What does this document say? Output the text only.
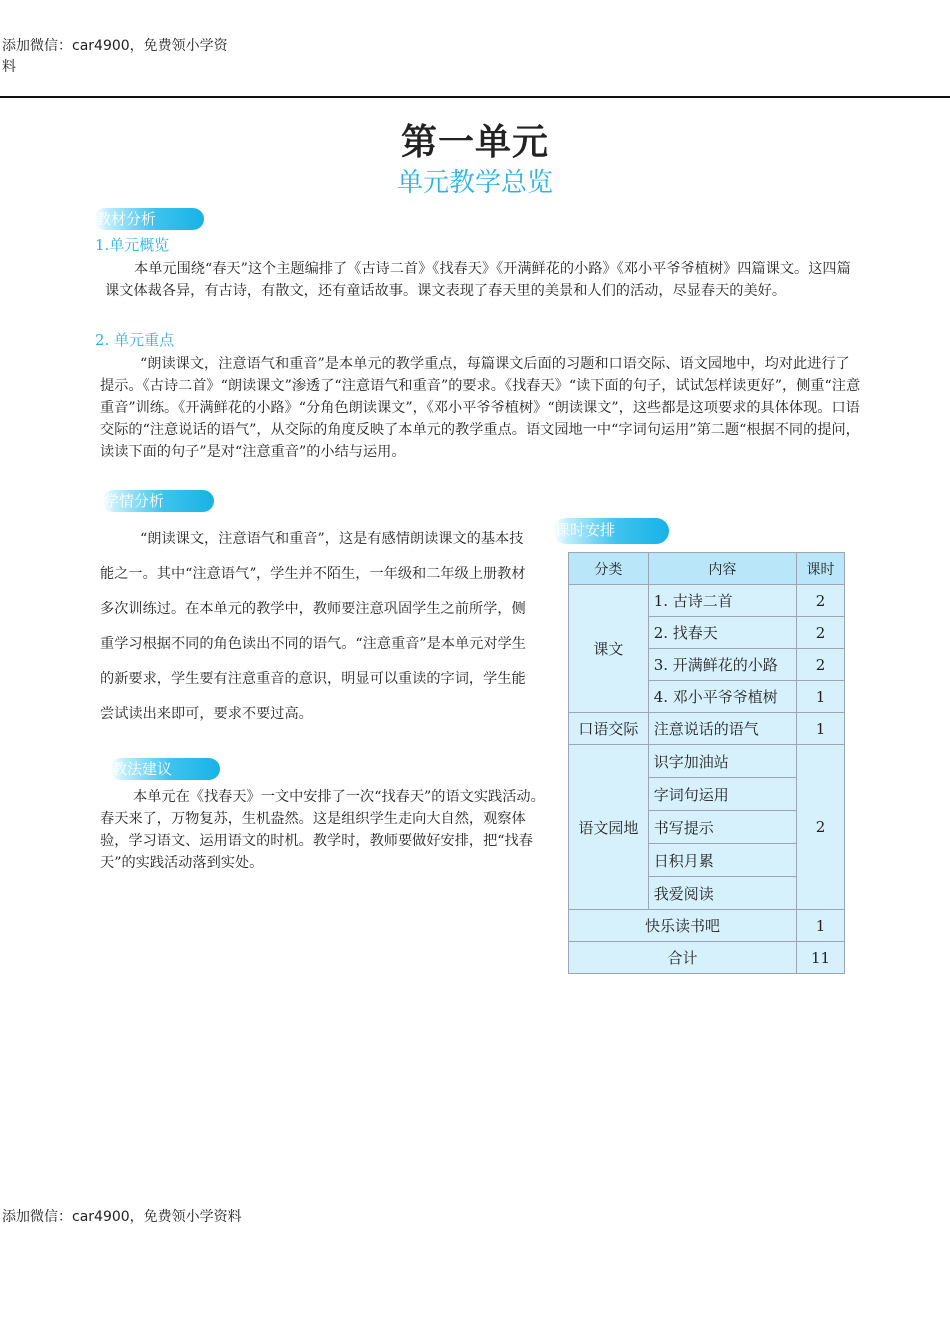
添加微信：car4900，免费领小学资
料
第一单元
单元教学总览
教材分析
1.单元概览
本单元围绕“春天”这个主题编排了《古诗二首》《找春天》《开满鲜花的小路》《邓小平爷爷植树》四篇课文。这四篇课文体裁各异，有古诗，有散文，还有童话故事。课文表现了春天里的美景和人们的活动，尽显春天的美好。
2. 单元重点
“朗读课文，注意语气和重音”是本单元的教学重点，每篇课文后面的习题和口语交际、语文园地中，均对此进行了提示。《古诗二首》“朗读课文”渗透了“注意语气和重音”的要求。《找春天》“读下面的句子，试试怎样读更好”，侧重“注意重音”训练。《开满鲜花的小路》“分角色朗读课文”，《邓小平爷爷植树》“朗读课文”，这些都是这项要求的具体体现。口语交际的“注意说话的语气”，从交际的角度反映了本单元的教学重点。语文园地一中“字词句运用”第二题“根据不同的提问，读读下面的句子”是对“注意重音”的小结与运用。
学情分析
“朗读课文，注意语气和重音”，这是有感情朗读课文的基本技能之一。其中“注意语气ˮ，学生并不陌生，一年级和二年级上册教材多次训练过。在本单元的教学中，教师要注意巩固学生之前所学，侧重学习根据不同的角色读出不同的语气。“注意重音”是本单元对学生的新要求，学生要有注意重音的意识，明显可以重读的字词，学生能尝试读出来即可，要求不要过高。
教法建议
本单元在《找春天》一文中安排了一次“找春天”的语文实践活动。春天来了，万物复苏，生机盎然。这是组织学生走向大自然，观察体验，学习语文、运用语文的时机。教学时，教师要做好安排，把“找春天”的实践活动落到实处。
课时安排
分类	内容	课时
课文	1. 古诗二首	2
	2. 找春天	2
	3. 开满鲜花的小路	2
	4. 邓小平爷爷植树	1
口语交际	注意说话的语气	1
语文园地	识字加油站	2
	字词句运用	
	书写提示	
	日积月累	
	我爱阅读	
快乐读书吧		1
合计		11
添加微信：car4900，免费领小学资料
